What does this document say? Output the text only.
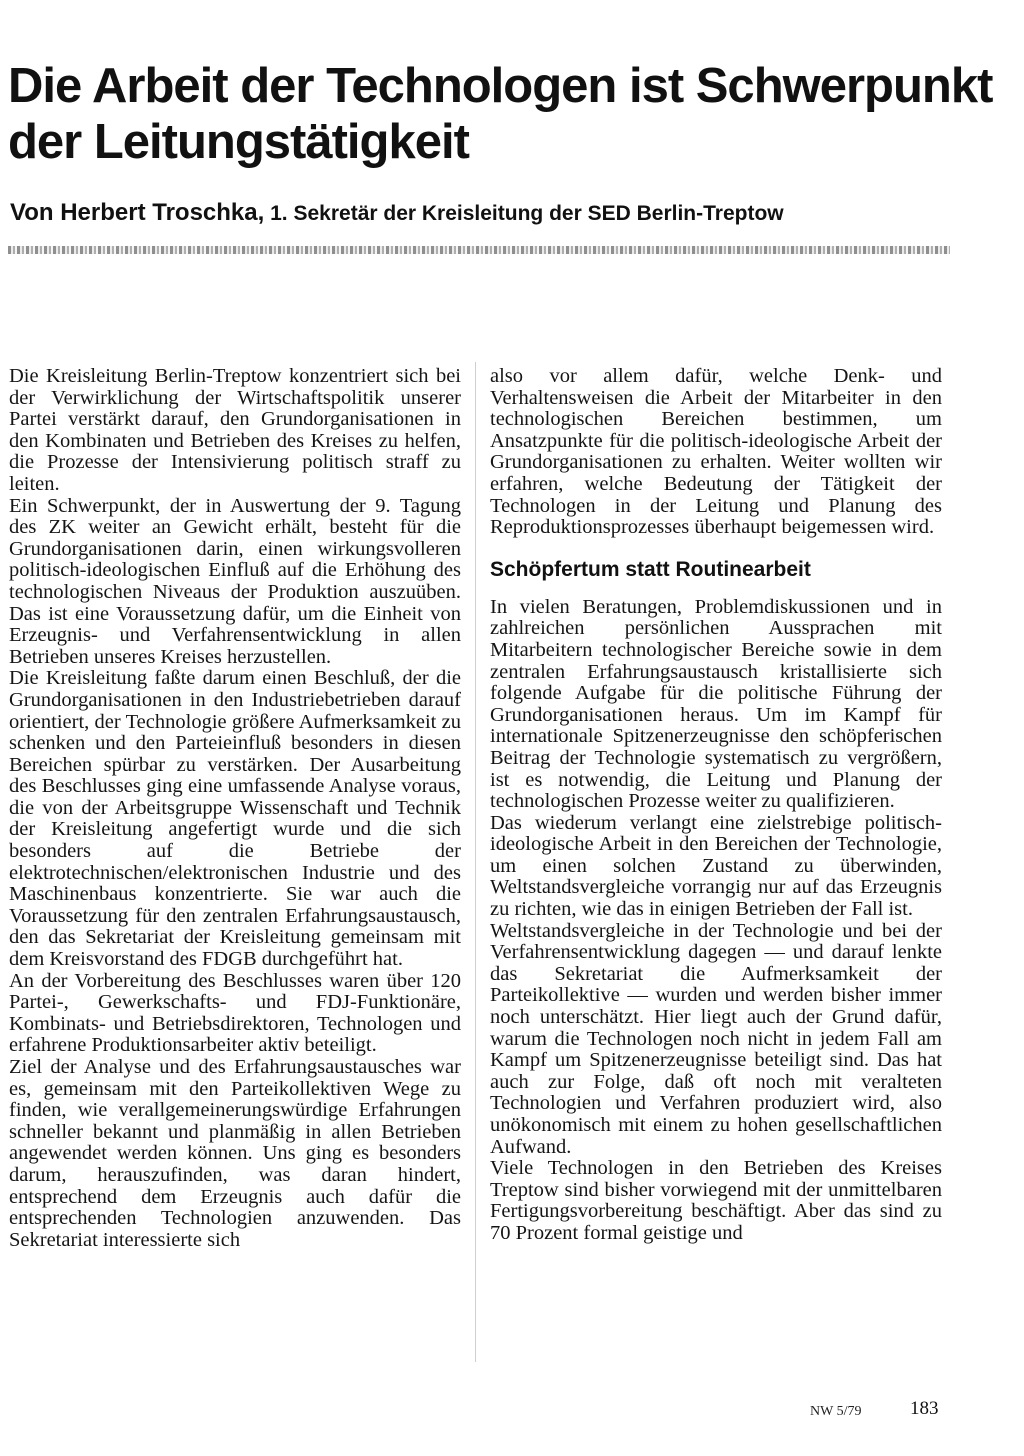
Die Arbeit der Technologen ist Schwerpunkt der Leitungstätigkeit
Von Herbert Troschka, 1. Sekretär der Kreisleitung der SED Berlin-Treptow

Die Kreisleitung Berlin-Treptow konzentriert sich bei der Verwirklichung der Wirtschaftspolitik unserer Partei verstärkt darauf, den Grundorganisationen in den Kombinaten und Betrieben des Kreises zu helfen, die Prozesse der Intensivierung politisch straff zu leiten.

Ein Schwerpunkt, der in Auswertung der 9. Tagung des ZK weiter an Gewicht erhält, besteht für die Grundorganisationen darin, einen wirkungsvolleren politisch-ideologischen Einfluß auf die Erhöhung des technologischen Niveaus der Produktion auszuüben. Das ist eine Voraussetzung dafür, um die Einheit von Erzeugnis- und Verfahrensentwicklung in allen Betrieben unseres Kreises herzustellen.

Die Kreisleitung faßte darum einen Beschluß, der die Grundorganisationen in den Industriebetrieben darauf orientiert, der Technologie größere Aufmerksamkeit zu schenken und den Parteieinfluß besonders in diesen Bereichen spürbar zu verstärken. Der Ausarbeitung des Beschlusses ging eine umfassende Analyse voraus, die von der Arbeitsgruppe Wissenschaft und Technik der Kreisleitung angefertigt wurde und die sich besonders auf die Betriebe der elektrotechnischen/elektronischen Industrie und des Maschinenbaus konzentrierte. Sie war auch die Voraussetzung für den zentralen Erfahrungsaustausch, den das Sekretariat der Kreisleitung gemeinsam mit dem Kreisvorstand des FDGB durchgeführt hat.

An der Vorbereitung des Beschlusses waren über 120 Partei-, Gewerkschafts- und FDJ-Funktionäre, Kombinats- und Betriebsdirektoren, Technologen und erfahrene Produktionsarbeiter aktiv beteiligt.

Ziel der Analyse und des Erfahrungsaustausches war es, gemeinsam mit den Parteikollektiven Wege zu finden, wie verallgemeinerungswürdige Erfahrungen schneller bekannt und planmäßig in allen Betrieben angewendet werden können. Uns ging es besonders darum, herauszufinden, was daran hindert, entsprechend dem Erzeugnis auch dafür die entsprechenden Technologien anzuwenden. Das Sekretariat interessierte sich

also vor allem dafür, welche Denk- und Verhaltensweisen die Arbeit der Mitarbeiter in den technologischen Bereichen bestimmen, um Ansatzpunkte für die politisch-ideologische Arbeit der Grundorganisationen zu erhalten. Weiter wollten wir erfahren, welche Bedeutung der Tätigkeit der Technologen in der Leitung und Planung des Reproduktionsprozesses überhaupt beigemessen wird.

Schöpfertum statt Routinearbeit

In vielen Beratungen, Problemdiskussionen und in zahlreichen persönlichen Aussprachen mit Mitarbeitern technologischer Bereiche sowie in dem zentralen Erfahrungsaustausch kristallisierte sich folgende Aufgabe für die politische Führung der Grundorganisationen heraus. Um im Kampf für internationale Spitzenerzeugnisse den schöpferischen Beitrag der Technologie systematisch zu vergrößern, ist es notwendig, die Leitung und Planung der technologischen Prozesse weiter zu qualifizieren.

Das wiederum verlangt eine zielstrebige politisch-ideologische Arbeit in den Bereichen der Technologie, um einen solchen Zustand zu überwinden, Weltstandsvergleiche vorrangig nur auf das Erzeugnis zu richten, wie das in einigen Betrieben der Fall ist.

Weltstandsvergleiche in der Technologie und bei der Verfahrensentwicklung dagegen — und darauf lenkte das Sekretariat die Aufmerksamkeit der Parteikollektive — wurden und werden bisher immer noch unterschätzt. Hier liegt auch der Grund dafür, warum die Technologen noch nicht in jedem Fall am Kampf um Spitzenerzeugnisse beteiligt sind. Das hat auch zur Folge, daß oft noch mit veralteten Technologien und Verfahren produziert wird, also unökonomisch mit einem zu hohen gesellschaftlichen Aufwand.

Viele Technologen in den Betrieben des Kreises Treptow sind bisher vorwiegend mit der unmittelbaren Fertigungsvorbereitung beschäftigt. Aber das sind zu 70 Prozent formal geistige und

NW 5/79	183
